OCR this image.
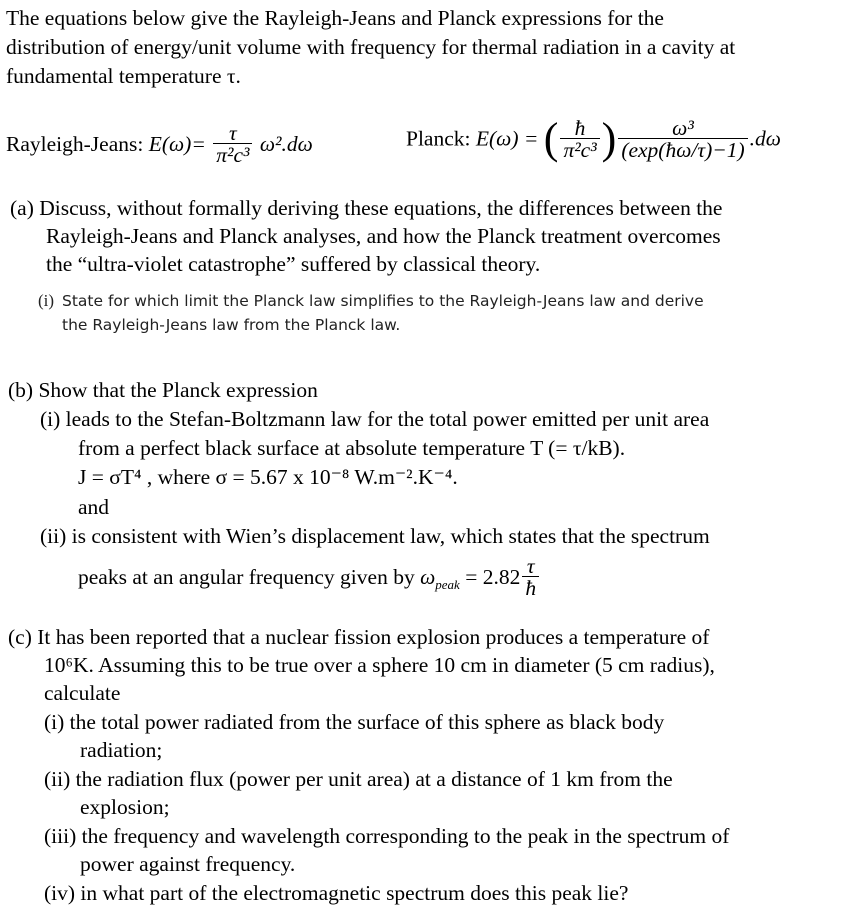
The equations below give the Rayleigh-Jeans and Planck expressions for the
distribution of energy/unit volume with frequency for thermal radiation in a cavity at
fundamental temperature τ.
Rayleigh-Jeans: $E(\omega)= \frac{\tau}{\text{π²c³}} \omega^2.d\omega$	Planck: E(ω) = ( $\frac{ħ}{\text{π²c³}}$ ) $\frac{\text{ω³}}{(\exp(ħ\omega/\tau)-1)} .d\omega$
(a) Discuss, without formally deriving these equations, the differences between the
Rayleigh-Jeans and Planck analyses, and how the Planck treatment overcomes
the “ultra-violet catastrophe” suffered by classical theory.
(i) State for which limit the Planck law simplifies to the Rayleigh-Jeans law and derive
the Rayleigh-Jeans law from the Planck law.
(b) Show that the Planck expression
(i) leads to the Stefan-Boltzmann law for the total power emitted per unit area
from a perfect black surface at absolute temperature T (= τ/kB).
J = σT⁴ , where σ = 5.67 x 10⁻⁸ W.m⁻².K⁻⁴.
and
(ii) is consistent with Wien’s displacement law, which states that the spectrum
peaks at an angular frequency given by $\omega_{peak} = 2.82 \frac{\tau}{ħ}$
(c) It has been reported that a nuclear fission explosion produces a temperature of
10⁶K. Assuming this to be true over a sphere 10 cm in diameter (5 cm radius),
calculate
(i) the total power radiated from the surface of this sphere as black body
radiation;
(ii) the radiation flux (power per unit area) at a distance of 1 km from the
explosion;
(iii) the frequency and wavelength corresponding to the peak in the spectrum of
power against frequency.
(iv) in what part of the electromagnetic spectrum does this peak lie?
